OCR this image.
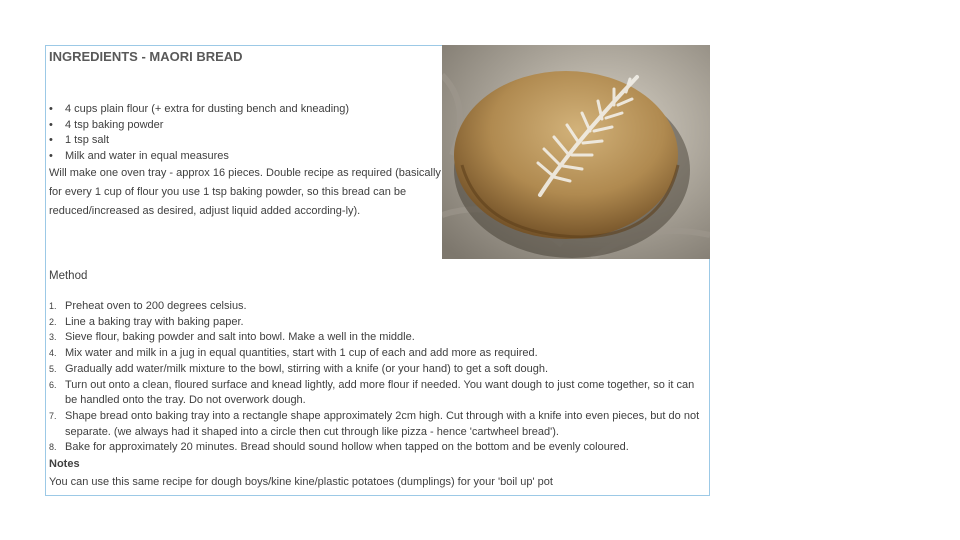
INGREDIENTS - MAORI BREAD
• 4 cups plain flour (+ extra for dusting bench and kneading)
• 4 tsp baking powder
• 1 tsp salt
• Milk and water in equal measures
Will make one oven tray - approx 16 pieces. Double recipe as required (basically for every 1 cup of flour you use 1 tsp baking powder, so this bread can be reduced/increased as desired, adjust liquid added according-ly).
Method
1. Preheat oven to 200 degrees celsius.
2. Line a baking tray with baking paper.
3. Sieve flour, baking powder and salt into bowl. Make a well in the middle.
4. Mix water and milk in a jug in equal quantities, start with 1 cup of each and add more as required.
5. Gradually add water/milk mixture to the bowl, stirring with a knife (or your hand) to get a soft dough.
6. Turn out onto a clean, floured surface and knead lightly, add more flour if needed. You want dough to just come together, so it can be handled onto the tray. Do not overwork dough.
7. Shape bread onto baking tray into a rectangle shape approximately 2cm high. Cut through with a knife into even pieces, but do not separate. (we always had it shaped into a circle then cut through like pizza - hence 'cartwheel bread').
8. Bake for approximately 20 minutes. Bread should sound hollow when tapped on the bottom and be evenly coloured.
Notes
You can use this same recipe for dough boys/kine kine/plastic potatoes (dumplings) for your 'boil up' pot
